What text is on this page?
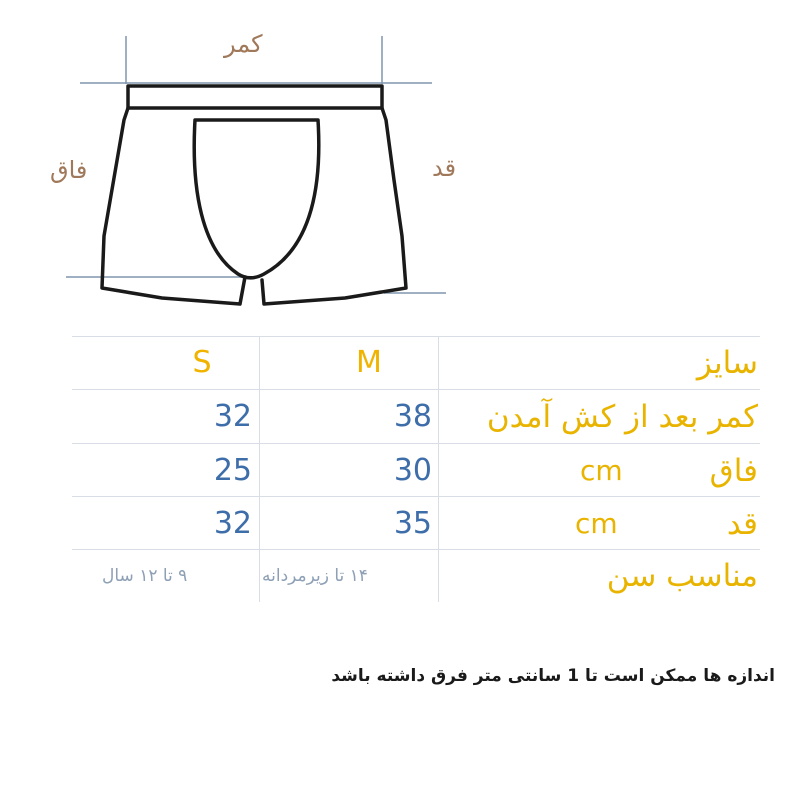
کمر
فاق	قد
S	M	سایز
32	38	کمر بعد از کش آمدن
25	30	cm	فاق
32	35	cm	قد
۹ تا ۱۲ سال	۱۴ تا زیرمردانه	مناسب سن
اندازه ها ممکن است تا 1 سانتی متر فرق داشته باشد
